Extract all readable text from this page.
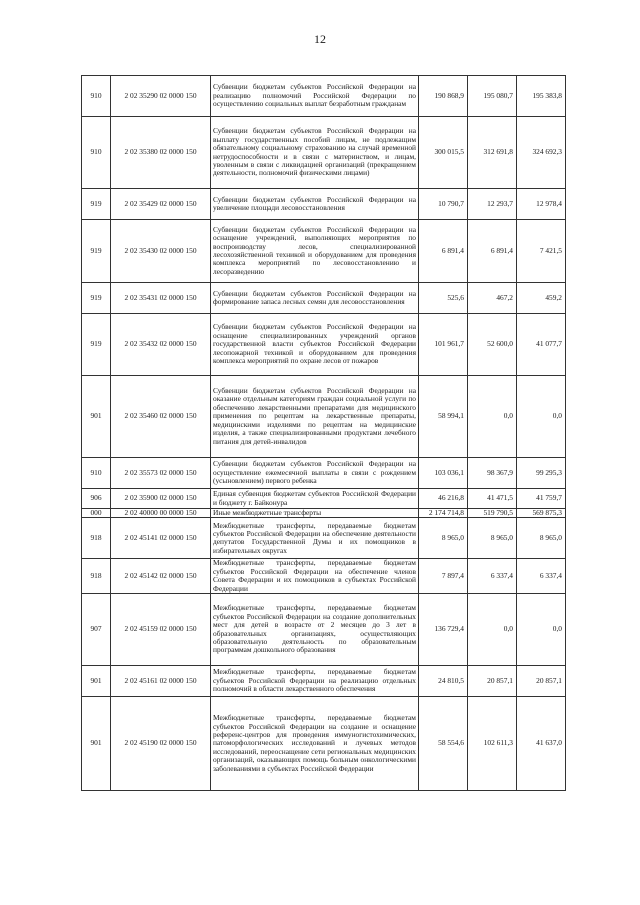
12
910	2 02 35290 02 0000 150	Субвенции бюджетам субъектов Российской Федерации на реализацию полномочий Российской Федерации по осуществлению социальных выплат безработным гражданам	190 868,9	195 080,7	195 383,8
910	2 02 35380 02 0000 150	Субвенции бюджетам субъектов Российской Федерации на выплату государственных пособий лицам, не подлежащим обязательному социальному страхованию на случай временной нетрудоспособности и в связи с материнством, и лицам, уволенным в связи с ликвидацией организаций (прекращением деятельности, полномочий физическими лицами)	300 015,5	312 691,8	324 692,3
919	2 02 35429 02 0000 150	Субвенции бюджетам субъектов Российской Федерации на увеличение площади лесовосстановления	10 790,7	12 293,7	12 978,4
919	2 02 35430 02 0000 150	Субвенции бюджетам субъектов Российской Федерации на оснащение учреждений, выполняющих мероприятия по воспроизводству лесов, специализированной лесохозяйственной техникой и оборудованием для проведения комплекса мероприятий по лесовосстановлению и лесоразведению	6 891,4	6 891,4	7 421,5
919	2 02 35431 02 0000 150	Субвенции бюджетам субъектов Российской Федерации на формирование запаса лесных семян для лесовосстановления	525,6	467,2	459,2
919	2 02 35432 02 0000 150	Субвенции бюджетам субъектов Российской Федерации на оснащение специализированных учреждений органов государственной власти субъектов Российской Федерации лесопожарной техникой и оборудованием для проведения комплекса мероприятий по охране лесов от пожаров	101 961,7	52 600,0	41 077,7
901	2 02 35460 02 0000 150	Субвенции бюджетам субъектов Российской Федерации на оказание отдельным категориям граждан социальной услуги по обеспечению лекарственными препаратами для медицинского применения по рецептам на лекарственные препараты, медицинскими изделиями по рецептам на медицинские изделия, а также специализированными продуктами лечебного питания для детей-инвалидов	58 994,1	0,0	0,0
910	2 02 35573 02 0000 150	Субвенции бюджетам субъектов Российской Федерации на осуществление ежемесячной выплаты в связи с рождением (усыновлением) первого ребенка	103 036,1	98 367,9	99 295,3
906	2 02 35900 02 0000 150	Единая субвенция бюджетам субъектов Российской Федерации и бюджету г. Байконура	46 216,8	41 471,5	41 759,7
000	2 02 40000 00 0000 150	Иные межбюджетные трансферты	2 174 714,8	519 790,5	569 875,3
918	2 02 45141 02 0000 150	Межбюджетные трансферты, передаваемые бюджетам субъектов Российской Федерации на обеспечение деятельности депутатов Государственной Думы и их помощников в избирательных округах	8 965,0	8 965,0	8 965,0
918	2 02 45142 02 0000 150	Межбюджетные трансферты, передаваемые бюджетам субъектов Российской Федерации на обеспечение членов Совета Федерации и их помощников в субъектах Российской Федерации	7 897,4	6 337,4	6 337,4
907	2 02 45159 02 0000 150	Межбюджетные трансферты, передаваемые бюджетам субъектов Российской Федерации на создание дополнительных мест для детей в возрасте от 2 месяцев до 3 лет в образовательных организациях, осуществляющих образовательную деятельность по образовательным программам дошкольного образования	136 729,4	0,0	0,0
901	2 02 45161 02 0000 150	Межбюджетные трансферты, передаваемые бюджетам субъектов Российской Федерации на реализацию отдельных полномочий в области лекарственного обеспечения	24 810,5	20 857,1	20 857,1
901	2 02 45190 02 0000 150	Межбюджетные трансферты, передаваемые бюджетам субъектов Российской Федерации на создание и оснащение референс-центров для проведения иммуногистохимических, патоморфологических исследований и лучевых методов исследований, переоснащение сети региональных медицинских организаций, оказывающих помощь больным онкологическими заболеваниями в субъектах Российской Федерации	58 554,6	102 611,3	41 637,0
